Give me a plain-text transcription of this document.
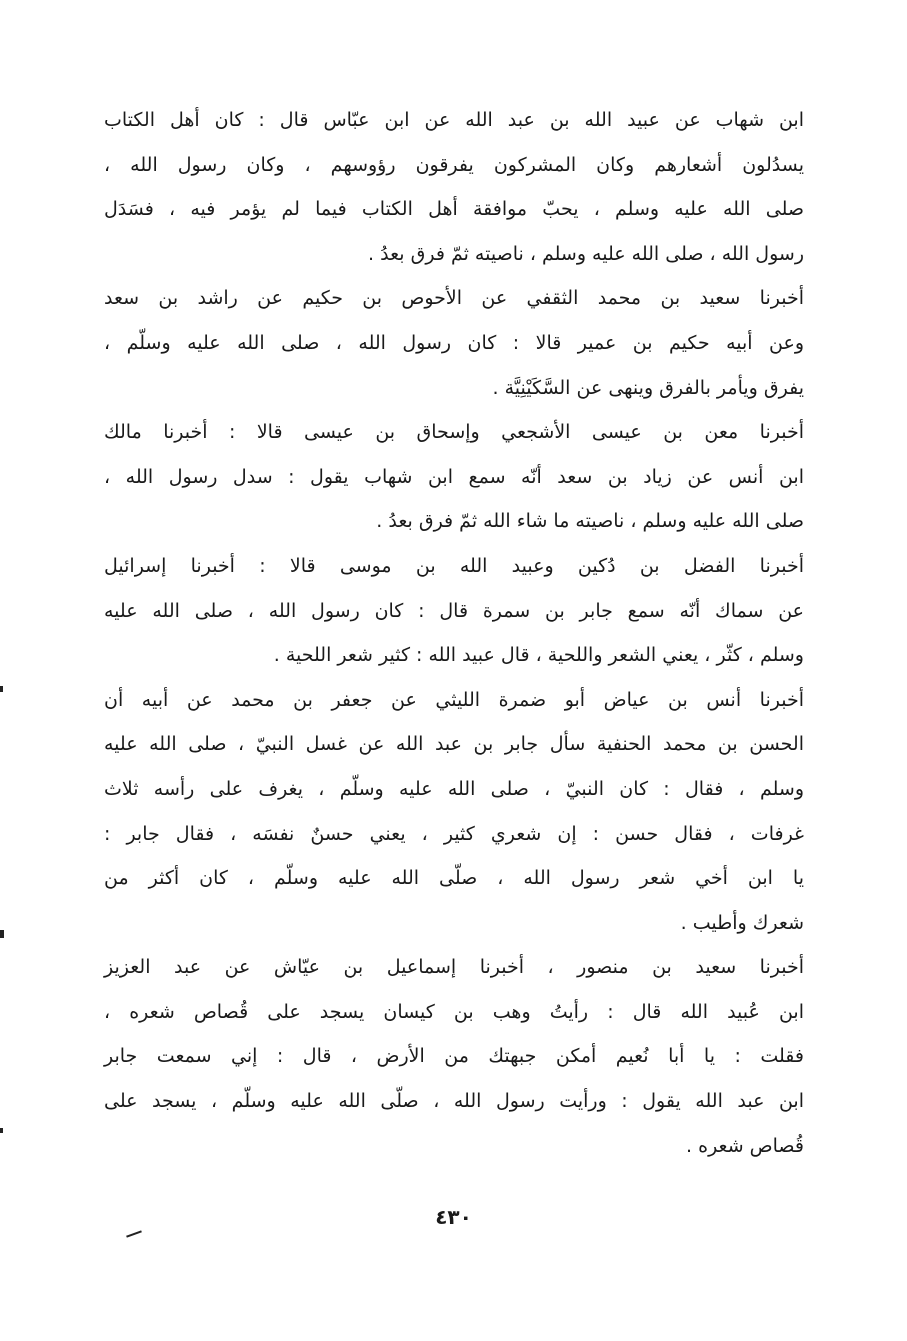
ابن شهاب عن عبيد الله بن عبد الله عن ابن عبّاس قال : كان أهل الكتاب
يسدُلون أشعارهم وكان المشركون يفرقون رؤوسهم ، وكان رسول الله ،
صلى الله عليه وسلم ، يحبّ موافقة أهل الكتاب فيما لم يؤمر فيه ، فسَدَل
رسول الله ، صلى الله عليه وسلم ، ناصيته ثمّ فرق بعدُ .

أخبرنا سعيد بن محمد الثقفي عن الأحوص بن حكيم عن راشد بن سعد
وعن أبيه حكيم بن عمير قالا : كان رسول الله ، صلى الله عليه وسلّم ،
يفرق ويأمر بالفرق وينهى عن السَّكَيْنِيَّة .

أخبرنا معن بن عيسى الأشجعي وإسحاق بن عيسى قالا : أخبرنا مالك
ابن أنس عن زياد بن سعد أنّه سمع ابن شهاب يقول : سدل رسول الله ،
صلى الله عليه وسلم ، ناصيته ما شاء الله ثمّ فرق بعدُ .

أخبرنا الفضل بن دُكين وعبيد الله بن موسى قالا : أخبرنا إسرائيل
عن سماك أنّه سمع جابر بن سمرة قال : كان رسول الله ، صلى الله عليه
وسلم ، كثّر ، يعني الشعر واللحية ، قال عبيد الله : كثير شعر اللحية .

أخبرنا أنس بن عياض أبو ضمرة الليثي عن جعفر بن محمد عن أبيه أن
الحسن بن محمد الحنفية سأل جابر بن عبد الله عن غسل النبيّ ، صلى الله عليه
وسلم ، فقال : كان النبيّ ، صلى الله عليه وسلّم ، يغرف على رأسه ثلاث
غرفات ، فقال حسن : إن شعري كثير ، يعني حسنٌ نفسَه ، فقال جابر :
يا ابن أخي شعر رسول الله ، صلّى الله عليه وسلّم ، كان أكثر من
شعرك وأطيب .

أخبرنا سعيد بن منصور ، أخبرنا إسماعيل بن عيّاش عن عبد العزيز
ابن عُبيد الله قال : رأيتُ وهب بن كيسان يسجد على قُصاص شعره ،
فقلت : يا أبا نُعيم أمكن جبهتك من الأرض ، قال : إني سمعت جابر
ابن عبد الله يقول : ورأيت رسول الله ، صلّى الله عليه وسلّم ، يسجد على
قُصاص شعره .

٤٣٠
